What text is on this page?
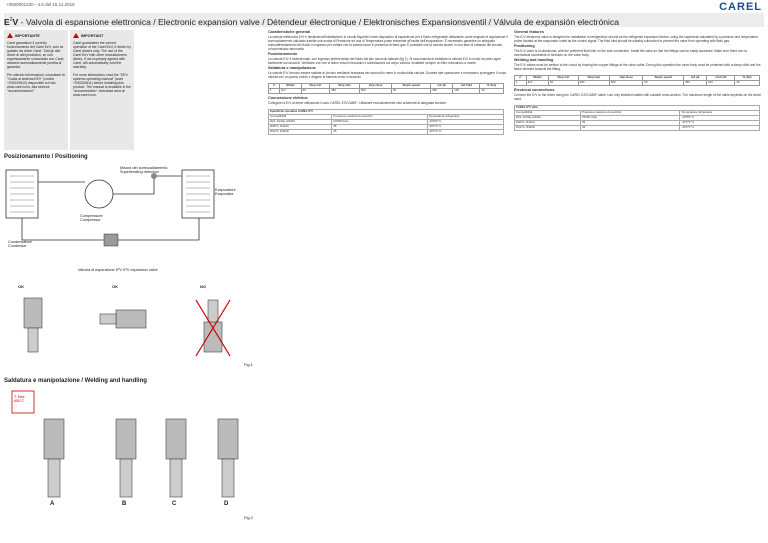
+0500001220 - 4.5 del 15.11.2016	CAREL
$E^2V$ - Valvola di espansione elettronica / Electronic expansion valve / Détendeur électronique / Elektronisches Expansionsventil / Válvula de expansión electrónica
IMPORTANTE

Carel garantisce il corretto funzionamento del Carel EeV, solo se guidato da driver Carel. Tutti gli altri driver di altri produttori, se non espressamente concordato con Carel, daranno automaticamente perdita di garanzia.

Per ulteriori informazioni, consultare la "Guida al sistema EEV" (codice +030220810) disponibile sul sito www.carel.com, alla sezione "documentazione".

IMPORTANT

Carel guarantees the correct operation of the Carel EeV, if driven by Carel drivers only. The use of the Carel EeV with other manufacturers drives, if not expressly agreed with Carel, will automatically void the warranty.

For more information, read the "EEV systems operating manual" (code +030220811) before installing this product. The manual is available in the "documentation" download area at www.carel.com.

Posizionamento / Positioning
Condensatore Condenser
Compressore Compressor
Evaporatore Evaporator
Misura del surriscaldamento Superheating detection
Valvola di espansione E²V E²V expansion valve
OK	OK	NO
Fig.1
Saldatura e manipolazione / Welding and handling
T. Max 650°C
A	B	C	D
Fig.2
Caratteristiche generali

La valvola elettronica E²V è destinata all'installazione in circuiti frigoriferi come dispositivo di espansione per il fluido refrigerante utilizzando come segnale di regolazione il surriscaldamento calcolato tramite una sonda di Pressione ed una di Temperatura poste entrambe all'uscita dell'evaporatore. È necessario garantire un adeguato sottoraffreddamento del fluido in ingresso per evitare che la valvola lavori in presenza di flash gas. È possibile che la valvola avvertì in una fase di collaudo del circuito, un'accentuata rumorosità.

Posizionamento

La valvola E²V è bidirezionale, con ingresso preferenziale del fluido dal lato raccordo laterale (fig 1). Si raccomanda di installare la valvola E²V in modo da poter agire facilmente sui raccordi. Verificare che non vi siano vincoli meccanici o sollecitazioni sul corpo valvola. Installare sempre un filtro meccanico a monte.

Saldatura e manipolazione

Le valvole E²V devono essere saldate al circuito mediante brasatura dei raccordi in rame in uscita dalla valvola. Durante tale operazione è necessario proteggere il corpo valvola con un panno umido e dirigere la fiamma verso il raccordo.

n°	Model	Step min	Step max	step close	Step/s speed	mA pk	mA hold	% duty
1	E²V	50	480	500	50	450	100	30
Connessione elettrica

Collegare la E²V al driver utilizzando il cavo CAREL E2VCABS*. Utilizzare esclusivamente cavi schermati di adeguata sezione.

Specifiche operative CAREL E²V		
Compatibilità	Pressione massima di esercizio	Temperatura refrigerante
R22, R134a, R404A	MOPD (bar)	-40T65 °C
R407C, R410A	35	-30T70 °C
R417A, R422D	26	-40T70 °C
General features

The E²V electronic valve is designed for installation in refrigeration circuits as the refrigerant expansion device, using the superheat calculated by a pressure and temperature probe located at the evaporator outlet as the control signal. The fluid inlet should be suitably subcooled to prevent the valve from operating with flash gas.

Positioning

The E²V valve is bi-directional, with the preferred fluid inlet on the side connection. Install the valve so that the fittings can be easily accessed. Make sure there are no mechanical constraints or stresses on the valve body.

Welding and handling

The E²V valves must be welded to the circuit by brazing the copper fittings at the valve outlet. During this operation the valve body must be protected with a damp cloth and the flame directed towards the fitting.

n°	Model	Step min	Step max	step close	Step/s speed	mA pk	mA hold	% duty
1	E²V	50	480	500	50	450	100	30
Electrical connections

Connect the E²V to the driver using the CAREL E2VCABS* cable. Use only shielded cables with suitable cross-section. The maximum length of the cable depends on the driver used.

CAREL E²V data		
Compatibilità	Pressione massima di esercizio	Temperatura refrigerante
R22, R134a, R404A	MOPD (bar)	-40T65 °C
R407C, R410A	35	-30T70 °C
R417A, R422D	26	-40T70 °C
